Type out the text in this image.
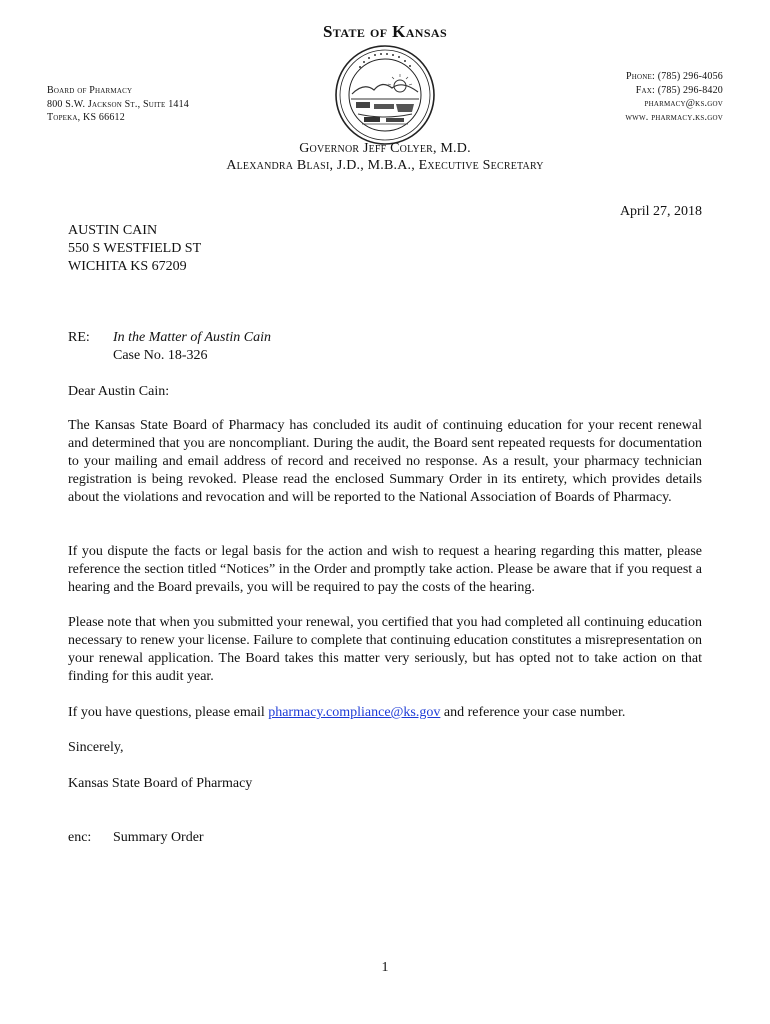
State of Kansas
Board of Pharmacy
800 S.W. Jackson St., Suite 1414
Topeka, KS 66612
Phone: (785) 296-4056
Fax: (785) 296-8420
pharmacy@ks.gov
www. pharmacy.ks.gov
Governor Jeff Colyer, M.D.
Alexandra Blasi, J.D., M.B.A., Executive Secretary
April 27, 2018
AUSTIN CAIN
550 S WESTFIELD ST
WICHITA KS 67209
RE: In the Matter of Austin Cain
Case No. 18-326
Dear Austin Cain:
The Kansas State Board of Pharmacy has concluded its audit of continuing education for your recent renewal and determined that you are noncompliant. During the audit, the Board sent repeated requests for documentation to your mailing and email address of record and received no response. As a result, your pharmacy technician registration is being revoked. Please read the enclosed Summary Order in its entirety, which provides details about the violations and revocation and will be reported to the National Association of Boards of Pharmacy.
If you dispute the facts or legal basis for the action and wish to request a hearing regarding this matter, please reference the section titled “Notices” in the Order and promptly take action. Please be aware that if you request a hearing and the Board prevails, you will be required to pay the costs of the hearing.
Please note that when you submitted your renewal, you certified that you had completed all continuing education necessary to renew your license. Failure to complete that continuing education constitutes a misrepresentation on your renewal application. The Board takes this matter very seriously, but has opted not to take action on that finding for this audit year.
If you have questions, please email pharmacy.compliance@ks.gov and reference your case number.
Sincerely,
Kansas State Board of Pharmacy
enc: Summary Order
1
